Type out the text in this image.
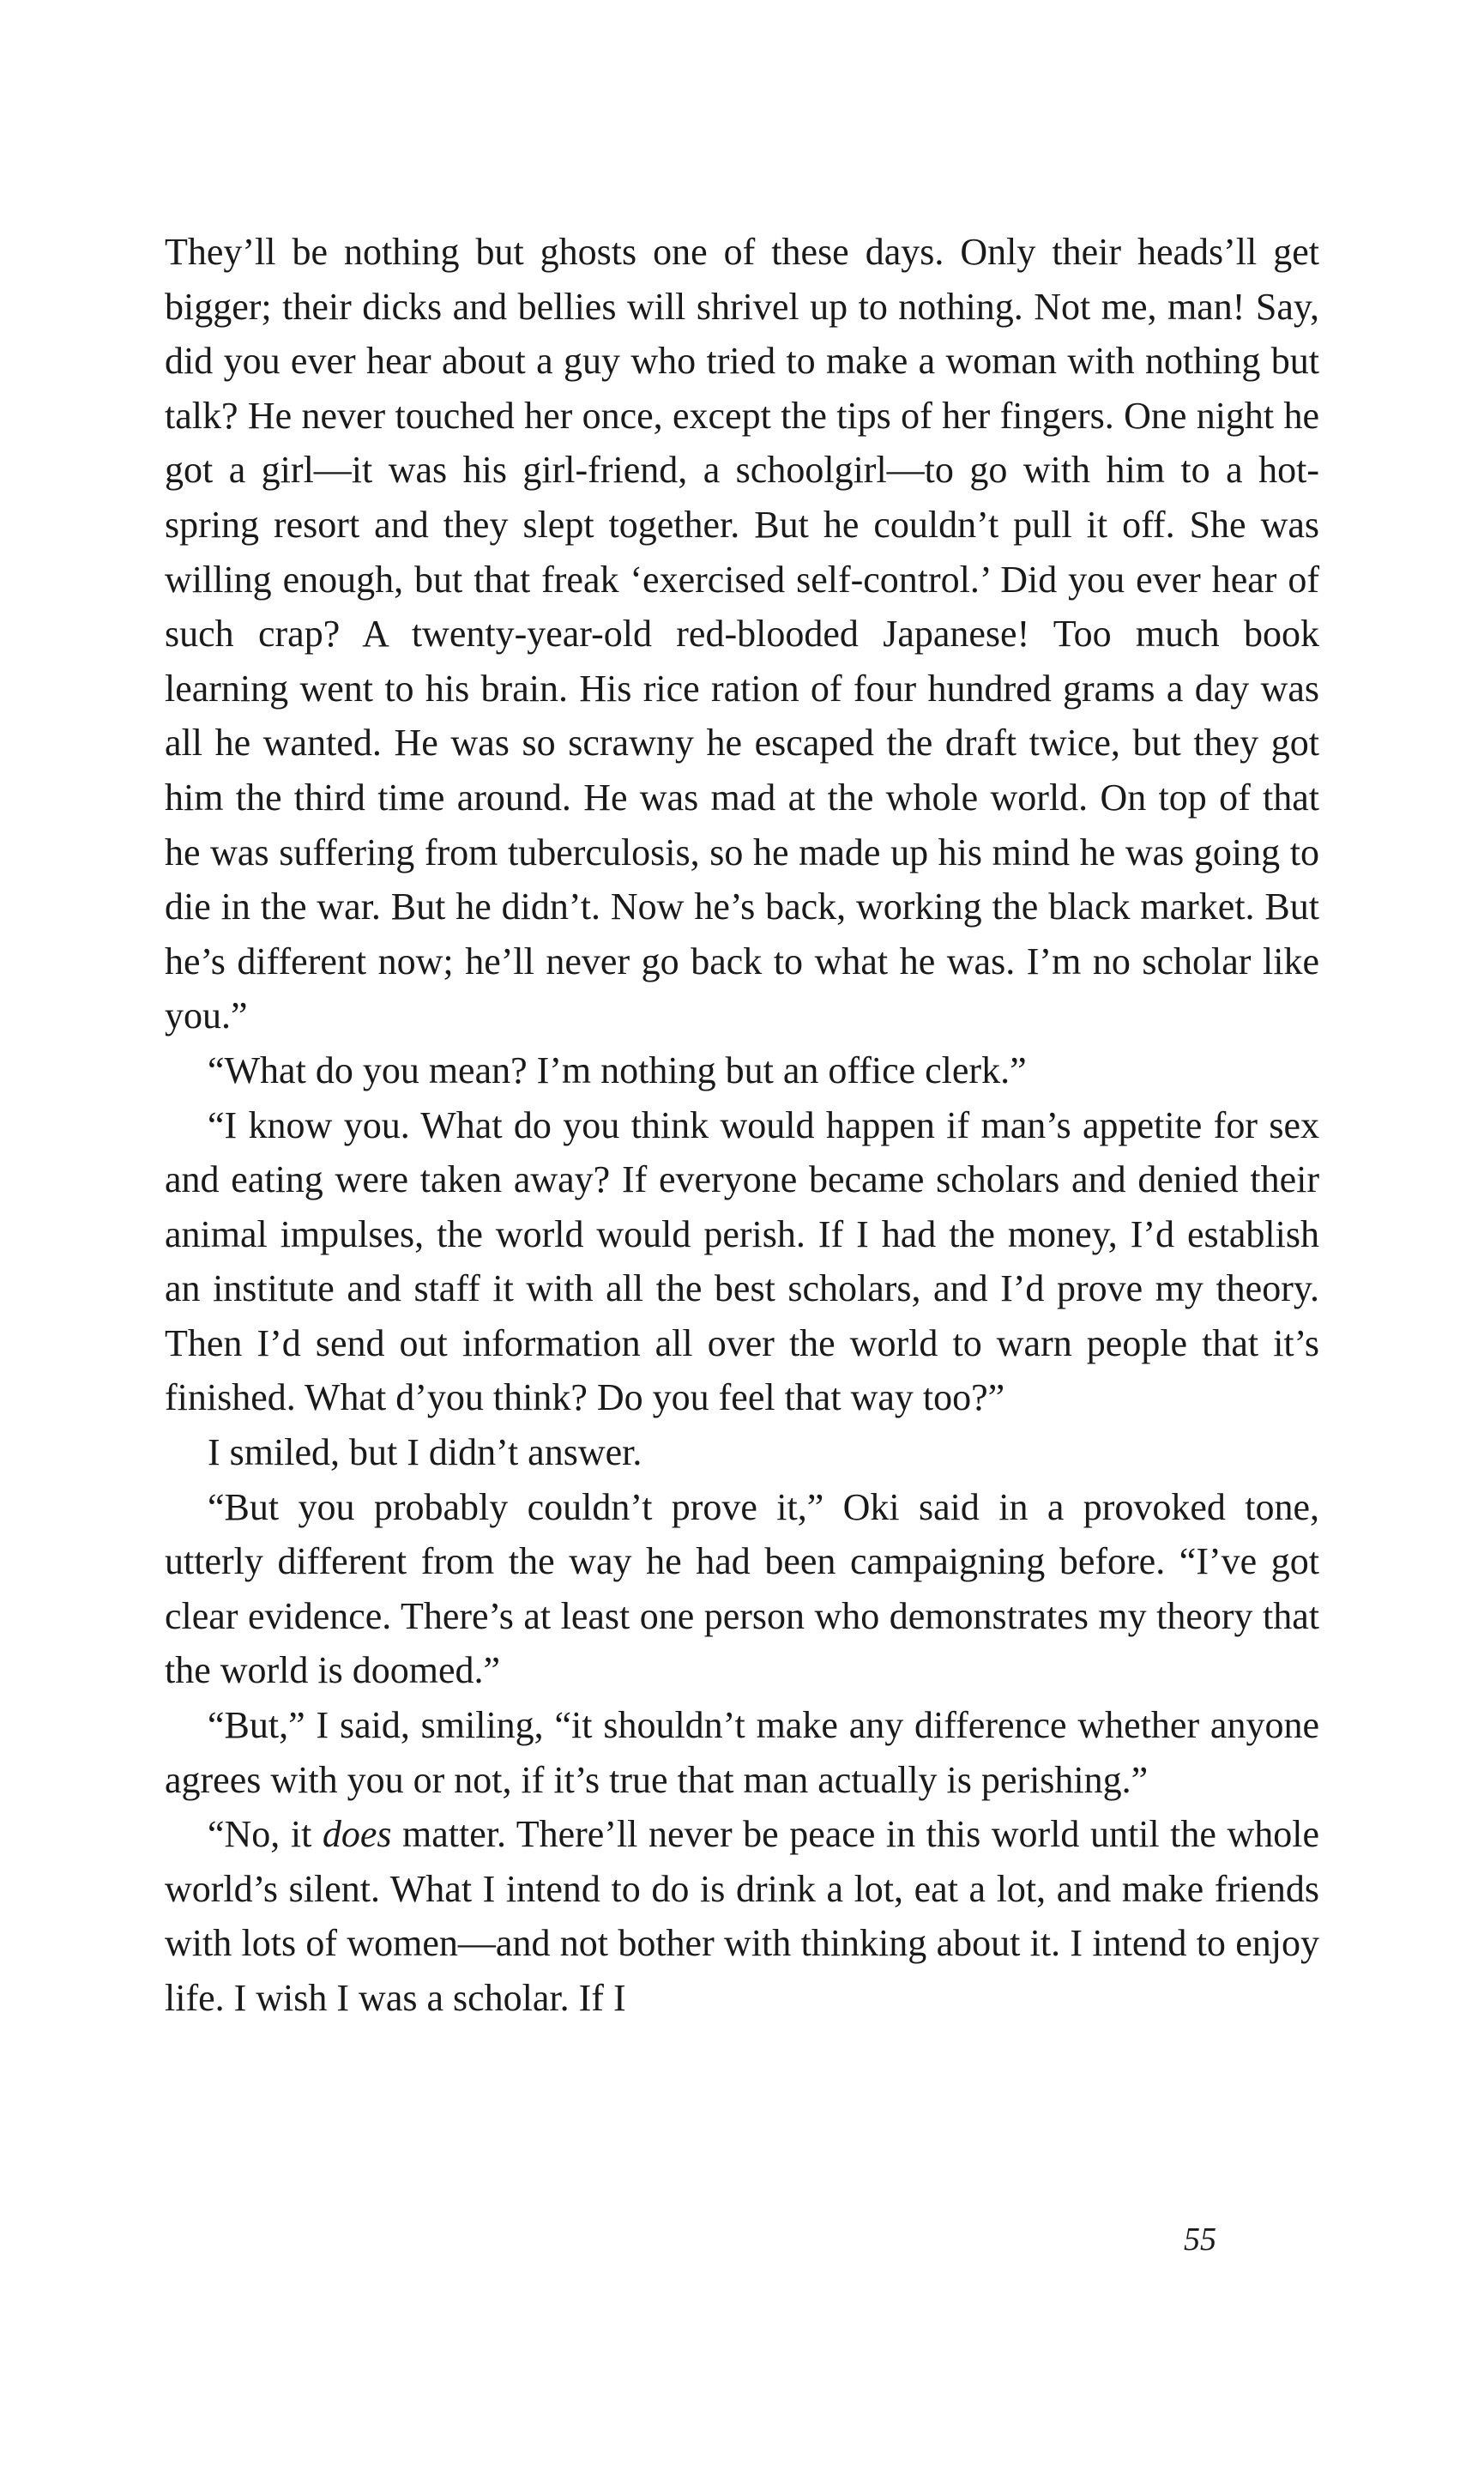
They’ll be nothing but ghosts one of these days. Only their heads’ll get bigger; their dicks and bellies will shrivel up to nothing. Not me, man! Say, did you ever hear about a guy who tried to make a woman with nothing but talk? He never touched her once, except the tips of her fingers. One night he got a girl—it was his girl-friend, a schoolgirl—to go with him to a hot-spring resort and they slept together. But he couldn’t pull it off. She was willing enough, but that freak ‘exercised self-control.’ Did you ever hear of such crap? A twenty-year-old red-blooded Japanese! Too much book learning went to his brain. His rice ration of four hundred grams a day was all he wanted. He was so scrawny he escaped the draft twice, but they got him the third time around. He was mad at the whole world. On top of that he was suffering from tuberculosis, so he made up his mind he was going to die in the war. But he didn’t. Now he’s back, working the black market. But he’s different now; he’ll never go back to what he was. I’m no scholar like you.”

“What do you mean? I’m nothing but an office clerk.”

“I know you. What do you think would happen if man’s appetite for sex and eating were taken away? If everyone became scholars and denied their animal impulses, the world would perish. If I had the money, I’d establish an institute and staff it with all the best scholars, and I’d prove my theory. Then I’d send out information all over the world to warn people that it’s finished. What d’you think? Do you feel that way too?”

I smiled, but I didn’t answer.

“But you probably couldn’t prove it,” Oki said in a provoked tone, utterly different from the way he had been campaigning before. “I’ve got clear evidence. There’s at least one person who demonstrates my theory that the world is doomed.”

“But,” I said, smiling, “it shouldn’t make any difference whether anyone agrees with you or not, if it’s true that man actually is perishing.”

“No, it does matter. There’ll never be peace in this world until the whole world’s silent. What I intend to do is drink a lot, eat a lot, and make friends with lots of women—and not bother with thinking about it. I intend to enjoy life. I wish I was a scholar. If I

55
